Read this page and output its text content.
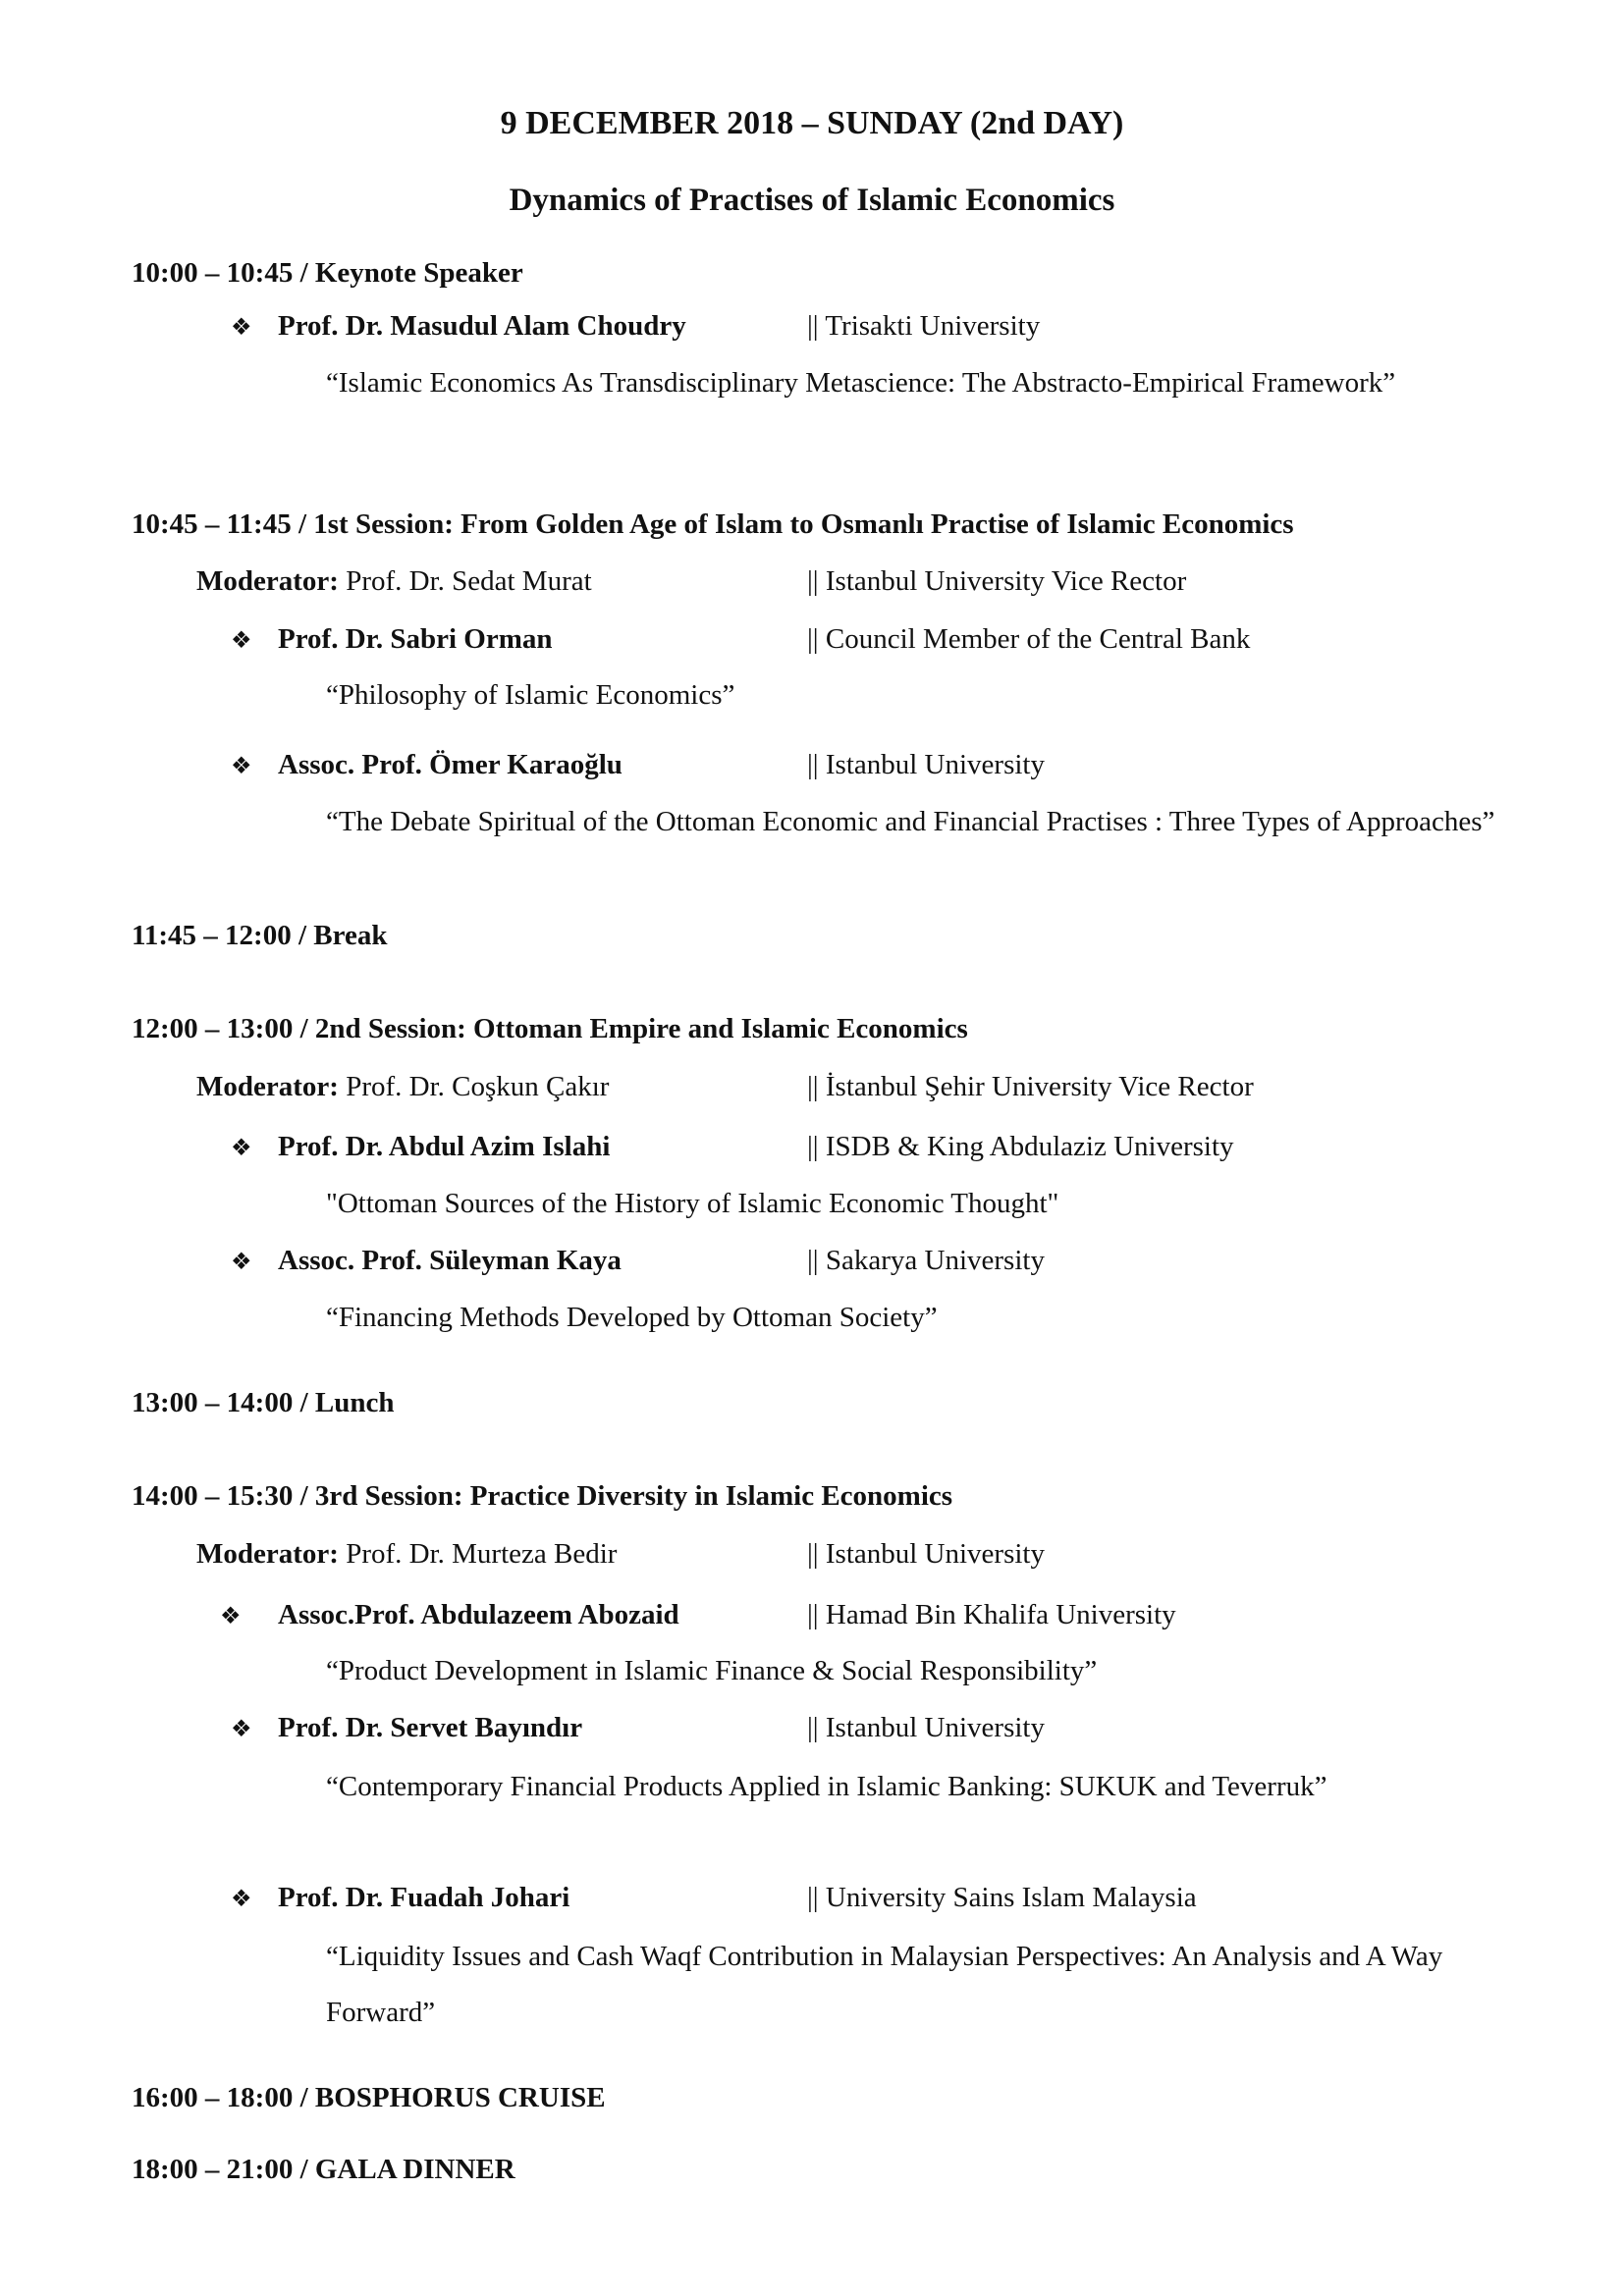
9 DECEMBER 2018 – SUNDAY (2nd DAY)
Dynamics of Practises of Islamic Economics
10:00 – 10:45 / Keynote Speaker
❖ Prof. Dr. Masudul Alam Choudry	|| Trisakti University
“Islamic Economics As Transdisciplinary Metascience: The Abstracto-Empirical Framework”
10:45 – 11:45 / 1st Session: From Golden Age of Islam to Osmanlı Practise of Islamic Economics
Moderator: Prof. Dr. Sedat Murat	|| Istanbul University Vice Rector
❖ Prof. Dr. Sabri Orman	|| Council Member of the Central Bank
“Philosophy of Islamic Economics”
❖ Assoc. Prof. Ömer Karaoğlu	|| Istanbul University
“The Debate Spiritual of the Ottoman Economic and Financial Practises : Three Types of Approaches”
11:45 – 12:00 / Break
12:00 – 13:00 / 2nd Session: Ottoman Empire and Islamic Economics
Moderator: Prof. Dr. Coşkun Çakır	|| İstanbul Şehir University Vice Rector
❖ Prof. Dr. Abdul Azim Islahi	|| ISDB & King Abdulaziz University
"Ottoman Sources of the History of Islamic Economic Thought"
❖ Assoc. Prof. Süleyman Kaya	|| Sakarya University
“Financing Methods Developed by Ottoman Society”
13:00 – 14:00 / Lunch
14:00 – 15:30 / 3rd Session: Practice Diversity in Islamic Economics
Moderator: Prof. Dr. Murteza Bedir	|| Istanbul University
❖ Assoc.Prof. Abdulazeem Abozaid	|| Hamad Bin Khalifa University
“Product Development in Islamic Finance & Social Responsibility”
❖ Prof. Dr. Servet Bayındır	|| Istanbul University
“Contemporary Financial Products Applied in Islamic Banking: SUKUK and Teverruk”
❖ Prof. Dr. Fuadah Johari	|| University Sains Islam Malaysia
“Liquidity Issues and Cash Waqf Contribution in Malaysian Perspectives: An Analysis and A Way Forward”
16:00 – 18:00 / BOSPHORUS CRUISE
18:00 – 21:00 / GALA DINNER
